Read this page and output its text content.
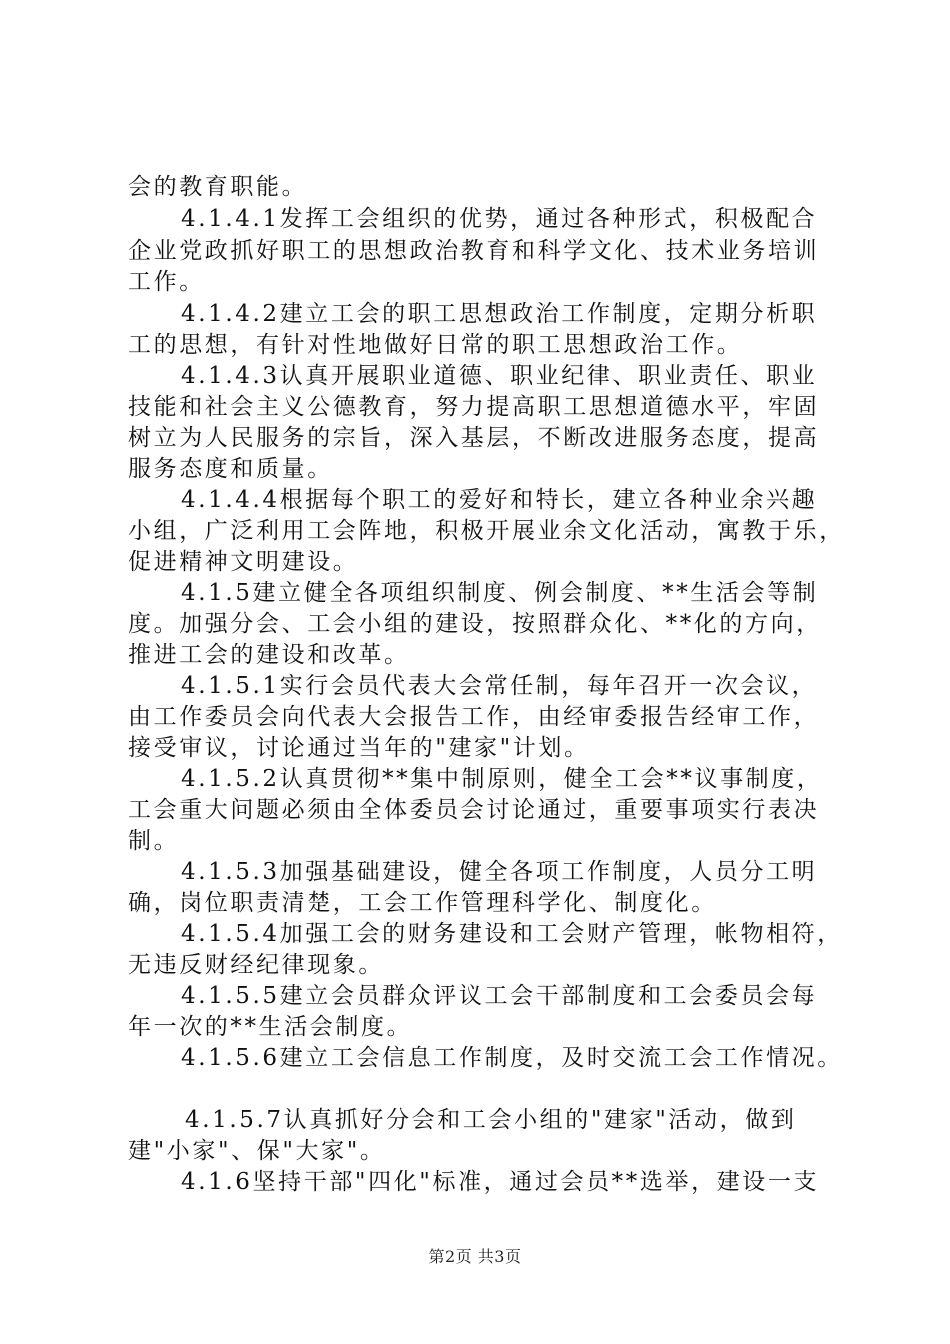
会的教育职能。

4.1.4.1发挥工会组织的优势，通过各种形式，积极配合

企业党政抓好职工的思想政治教育和科学文化、技术业务培训

工作。

4.1.4.2建立工会的职工思想政治工作制度，定期分析职

工的思想，有针对性地做好日常的职工思想政治工作。

4.1.4.3认真开展职业道德、职业纪律、职业责任、职业

技能和社会主义公德教育，努力提高职工思想道德水平，牢固

树立为人民服务的宗旨，深入基层，不断改进服务态度，提高

服务态度和质量。

4.1.4.4根据每个职工的爱好和特长，建立各种业余兴趣

小组，广泛利用工会阵地，积极开展业余文化活动，寓教于乐，

促进精神文明建设。

4.1.5建立健全各项组织制度、例会制度、**生活会等制

度。加强分会、工会小组的建设，按照群众化、**化的方向，

推进工会的建设和改革。

4.1.5.1实行会员代表大会常任制，每年召开一次会议，

由工作委员会向代表大会报告工作，由经审委报告经审工作，

接受审议，讨论通过当年的"建家"计划。

4.1.5.2认真贯彻**集中制原则，健全工会**议事制度，

工会重大问题必须由全体委员会讨论通过，重要事项实行表决

制。

4.1.5.3加强基础建设，健全各项工作制度，人员分工明

确，岗位职责清楚，工会工作管理科学化、制度化。

4.1.5.4加强工会的财务建设和工会财产管理，帐物相符，

无违反财经纪律现象。

4.1.5.5建立会员群众评议工会干部制度和工会委员会每

年一次的**生活会制度。

4.1.5.6建立工会信息工作制度，及时交流工会工作情况。

4.1.5.7认真抓好分会和工会小组的"建家"活动，做到

建"小家"、保"大家"。

4.1.6坚持干部"四化"标准，通过会员**选举，建设一支

第2页 共3页
